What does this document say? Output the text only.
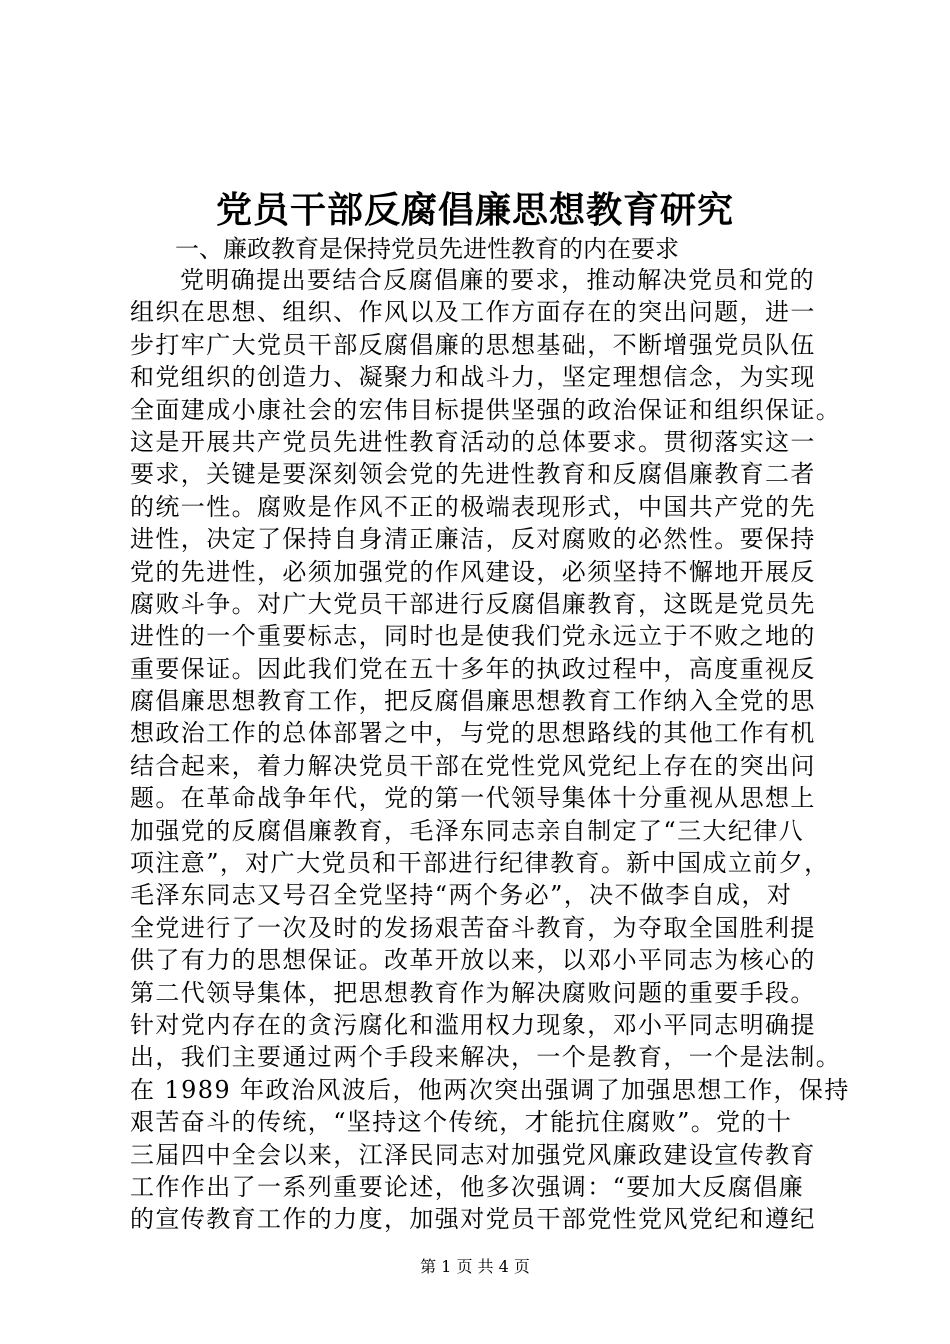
党员干部反腐倡廉思想教育研究
一、廉政教育是保持党员先进性教育的内在要求
党明确提出要结合反腐倡廉的要求，推动解决党员和党的
组织在思想、组织、作风以及工作方面存在的突出问题，进一
步打牢广大党员干部反腐倡廉的思想基础，不断增强党员队伍
和党组织的创造力、凝聚力和战斗力，坚定理想信念，为实现
全面建成小康社会的宏伟目标提供坚强的政治保证和组织保证。
这是开展共产党员先进性教育活动的总体要求。贯彻落实这一
要求，关键是要深刻领会党的先进性教育和反腐倡廉教育二者
的统一性。腐败是作风不正的极端表现形式，中国共产党的先
进性，决定了保持自身清正廉洁，反对腐败的必然性。要保持
党的先进性，必须加强党的作风建设，必须坚持不懈地开展反
腐败斗争。对广大党员干部进行反腐倡廉教育，这既是党员先
进性的一个重要标志，同时也是使我们党永远立于不败之地的
重要保证。因此我们党在五十多年的执政过程中，高度重视反
腐倡廉思想教育工作，把反腐倡廉思想教育工作纳入全党的思
想政治工作的总体部署之中，与党的思想路线的其他工作有机
结合起来，着力解决党员干部在党性党风党纪上存在的突出问
题。在革命战争年代，党的第一代领导集体十分重视从思想上
加强党的反腐倡廉教育，毛泽东同志亲自制定了“三大纪律八
项注意”，对广大党员和干部进行纪律教育。新中国成立前夕，
毛泽东同志又号召全党坚持“两个务必”，决不做李自成，对
全党进行了一次及时的发扬艰苦奋斗教育，为夺取全国胜利提
供了有力的思想保证。改革开放以来，以邓小平同志为核心的
第二代领导集体，把思想教育作为解决腐败问题的重要手段。
针对党内存在的贪污腐化和滥用权力现象，邓小平同志明确提
出，我们主要通过两个手段来解决，一个是教育，一个是法制。
在 1989 年政治风波后，他两次突出强调了加强思想工作，保持
艰苦奋斗的传统，“坚持这个传统，才能抗住腐败”。党的十
三届四中全会以来，江泽民同志对加强党风廉政建设宣传教育
工作作出了一系列重要论述，他多次强调：“要加大反腐倡廉
的宣传教育工作的力度，加强对党员干部党性党风党纪和遵纪
第 1 页 共 4 页
